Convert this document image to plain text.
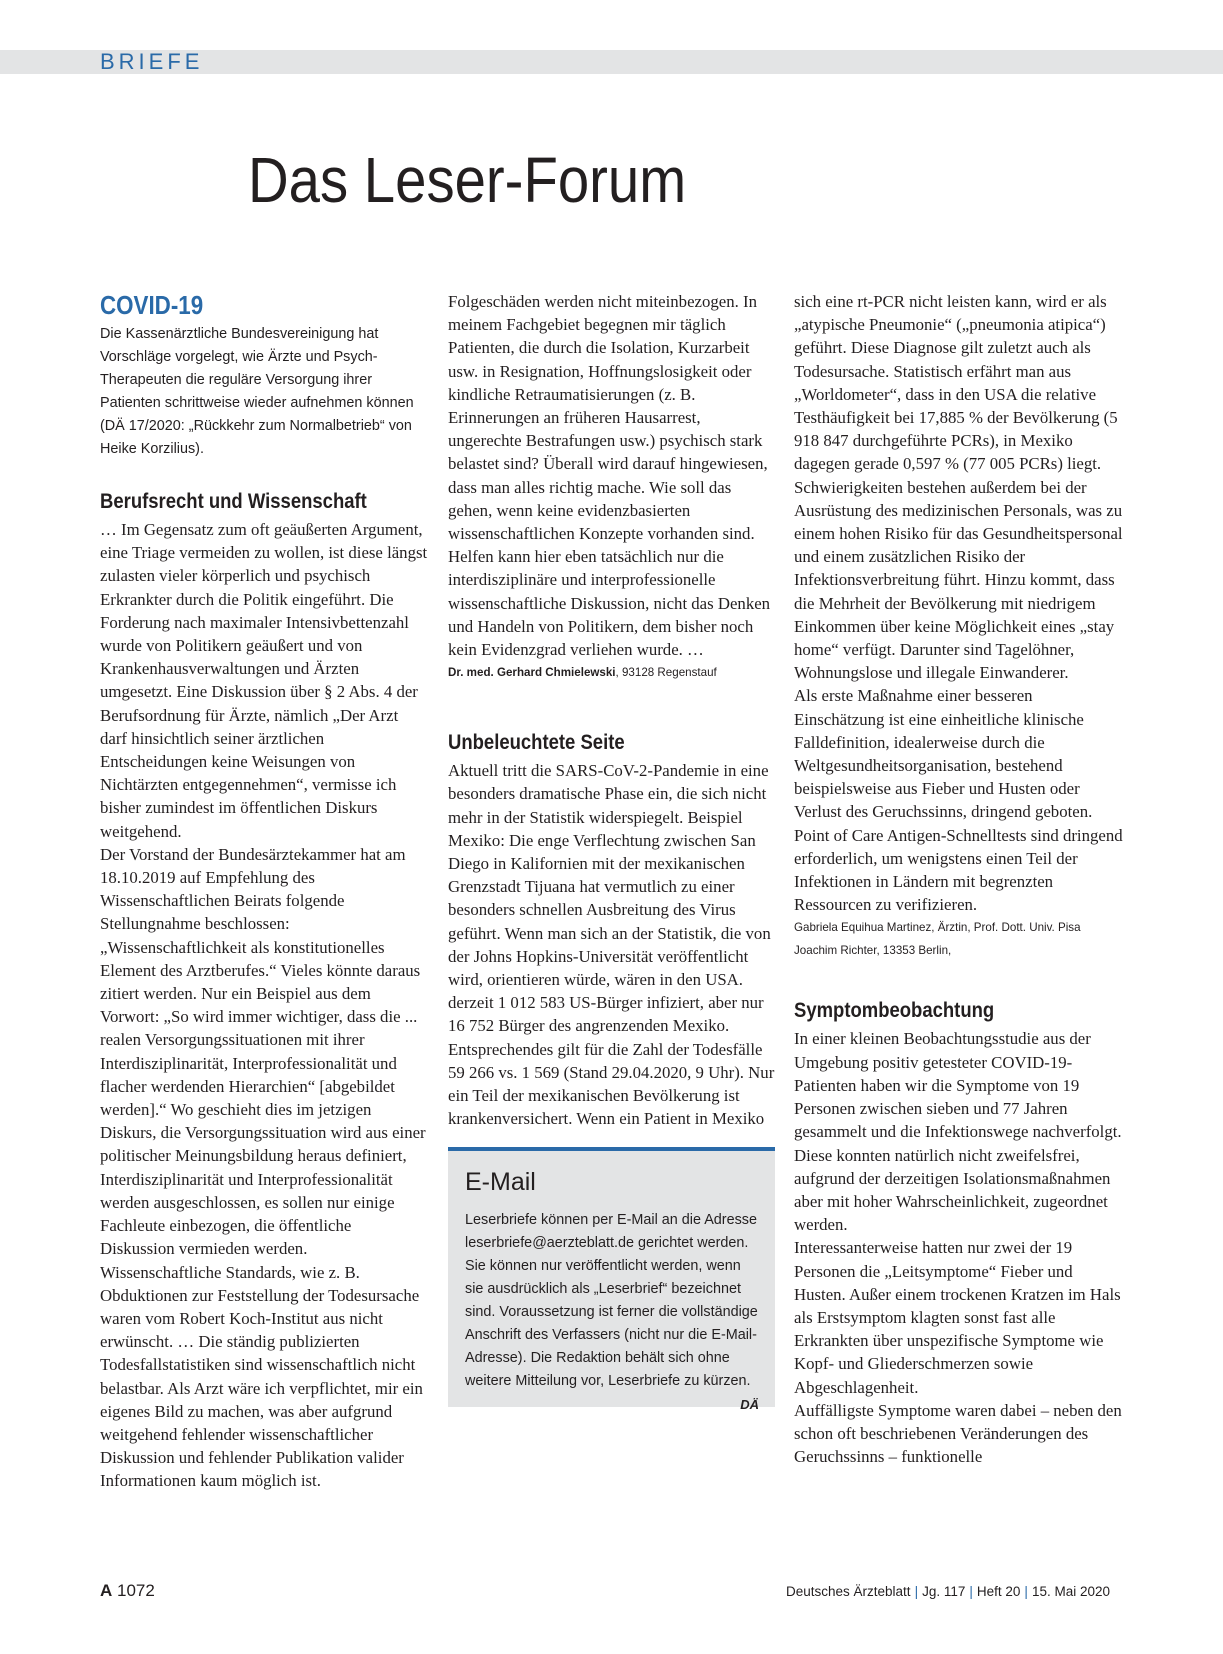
BRIEFE
Das Leser-Forum
COVID-19

Die Kassenärztliche Bundesvereinigung hat Vorschläge vorgelegt, wie Ärzte und Psych-Therapeuten die reguläre Versorgung ihrer Patienten schrittweise wieder aufnehmen können (DÄ 17/2020: „Rückkehr zum Normalbetrieb“ von Heike Korzilius).

Berufsrecht und Wissenschaft

… Im Gegensatz zum oft geäußerten Argument, eine Triage vermeiden zu wollen, ist diese längst zulasten vieler körperlich und psychisch Erkrankter durch die Politik eingeführt. Die Forderung nach maximaler Intensivbettenzahl wurde von Politikern geäußert und von Krankenhausverwaltungen und Ärzten umgesetzt. Eine Diskussion über § 2 Abs. 4 der Berufsordnung für Ärzte, nämlich „Der Arzt darf hinsichtlich seiner ärztlichen Entscheidungen keine Weisungen von Nichtärzten entgegennehmen“, vermisse ich bisher zumindest im öffentlichen Diskurs weitgehend.

Der Vorstand der Bundesärztekammer hat am 18.10.2019 auf Empfehlung des Wissenschaftlichen Beirats folgende Stellungnahme beschlossen: „Wissenschaftlichkeit als konstitutionelles Element des Arztberufes.“ Vieles könnte daraus zitiert werden. Nur ein Beispiel aus dem Vorwort: „So wird immer wichtiger, dass die ... realen Versorgungssituationen mit ihrer Interdisziplinarität, Interprofessionalität und flacher werdenden Hierarchien“ [abgebildet werden].“ Wo geschieht dies im jetzigen Diskurs, die Versorgungssituation wird aus einer politischer Meinungsbildung heraus definiert, Interdisziplinarität und Interprofessionalität werden ausgeschlossen, es sollen nur einige Fachleute einbezogen, die öffentliche Diskussion vermieden werden. Wissenschaftliche Standards, wie z. B. Obduktionen zur Feststellung der Todesursache waren vom Robert Koch-Institut aus nicht erwünscht. … Die ständig publizierten Todesfallstatistiken sind wissenschaftlich nicht belastbar. Als Arzt wäre ich verpflichtet, mir ein eigenes Bild zu machen, was aber aufgrund weitgehend fehlender wissenschaftlicher Diskussion und fehlender Publikation valider Informationen kaum möglich ist.

Folgeschäden werden nicht miteinbezogen. In meinem Fachgebiet begegnen mir täglich Patienten, die durch die Isolation, Kurzarbeit usw. in Resignation, Hoffnungslosigkeit oder kindliche Retraumatisierungen (z. B. Erinnerungen an früheren Hausarrest, ungerechte Bestrafungen usw.) psychisch stark belastet sind? Überall wird darauf hingewiesen, dass man alles richtig mache. Wie soll das gehen, wenn keine evidenzbasierten wissenschaftlichen Konzepte vorhanden sind. Helfen kann hier eben tatsächlich nur die interdisziplinäre und interprofessionelle wissenschaftliche Diskussion, nicht das Denken und Handeln von Politikern, dem bisher noch kein Evidenzgrad verliehen wurde. …

Dr. med. Gerhard Chmielewski, 93128 Regenstauf

Unbeleuchtete Seite

Aktuell tritt die SARS-CoV-2-Pandemie in eine besonders dramatische Phase ein, die sich nicht mehr in der Statistik widerspiegelt. Beispiel Mexiko: Die enge Verflechtung zwischen San Diego in Kalifornien mit der mexikanischen Grenzstadt Tijuana hat vermutlich zu einer besonders schnellen Ausbreitung des Virus geführt. Wenn man sich an der Statistik, die von der Johns Hopkins-Universität veröffentlicht wird, orientieren würde, wären in den USA. derzeit 1 012 583 US-Bürger infiziert, aber nur 16 752 Bürger des angrenzenden Mexiko. Entsprechendes gilt für die Zahl der Todesfälle 59 266 vs. 1 569 (Stand 29.04.2020, 9 Uhr). Nur ein Teil der mexikanischen Bevölkerung ist krankenversichert. Wenn ein Patient in Mexiko

E-Mail

Leserbriefe können per E-Mail an die Adresse leserbriefe@aerzteblatt.de gerichtet werden. Sie können nur veröffentlicht werden, wenn sie ausdrücklich als „Leserbrief“ bezeichnet sind. Voraussetzung ist ferner die vollständige Anschrift des Verfassers (nicht nur die E-Mail-Adresse). Die Redaktion behält sich ohne weitere Mitteilung vor, Leserbriefe zu kürzen.
DÄ

sich eine rt-PCR nicht leisten kann, wird er als „atypische Pneumonie“ („pneumonia atipica“) geführt. Diese Diagnose gilt zuletzt auch als Todesursache. Statistisch erfährt man aus „Worldometer“, dass in den USA die relative Testhäufigkeit bei 17,885 % der Bevölkerung (5 918 847 durchgeführte PCRs), in Mexiko dagegen gerade 0,597 % (77 005 PCRs) liegt. Schwierigkeiten bestehen außerdem bei der Ausrüstung des medizinischen Personals, was zu einem hohen Risiko für das Gesundheitspersonal und einem zusätzlichen Risiko der Infektionsverbreitung führt. Hinzu kommt, dass die Mehrheit der Bevölkerung mit niedrigem Einkommen über keine Möglichkeit eines „stay home“ verfügt. Darunter sind Tagelöhner, Wohnungslose und illegale Einwanderer.

Als erste Maßnahme einer besseren Einschätzung ist eine einheitliche klinische Falldefinition, idealerweise durch die Weltgesundheitsorganisation, bestehend beispielsweise aus Fieber und Husten oder Verlust des Geruchssinns, dringend geboten. Point of Care Antigen-Schnelltests sind dringend erforderlich, um wenigstens einen Teil der Infektionen in Ländern mit begrenzten Ressourcen zu verifizieren.

Gabriela Equihua Martinez, Ärztin, Prof. Dott. Univ. Pisa Joachim Richter, 13353 Berlin,

Symptombeobachtung

In einer kleinen Beobachtungsstudie aus der Umgebung positiv getesteter COVID-19-Patienten haben wir die Symptome von 19 Personen zwischen sieben und 77 Jahren gesammelt und die Infektionswege nachverfolgt. Diese konnten natürlich nicht zweifelsfrei, aufgrund der derzeitigen Isolationsmaßnahmen aber mit hoher Wahrscheinlichkeit, zugeordnet werden.

Interessanterweise hatten nur zwei der 19 Personen die „Leitsymptome“ Fieber und Husten. Außer einem trockenen Kratzen im Hals als Erstsymptom klagten sonst fast alle Erkrankten über unspezifische Symptome wie Kopf- und Gliederschmerzen sowie Abgeschlagenheit.

Auffälligste Symptome waren dabei – neben den schon oft beschriebenen Veränderungen des Geruchssinns – funktionelle

A 1072	Deutsches Ärzteblatt | Jg. 117 | Heft 20 | 15. Mai 2020
